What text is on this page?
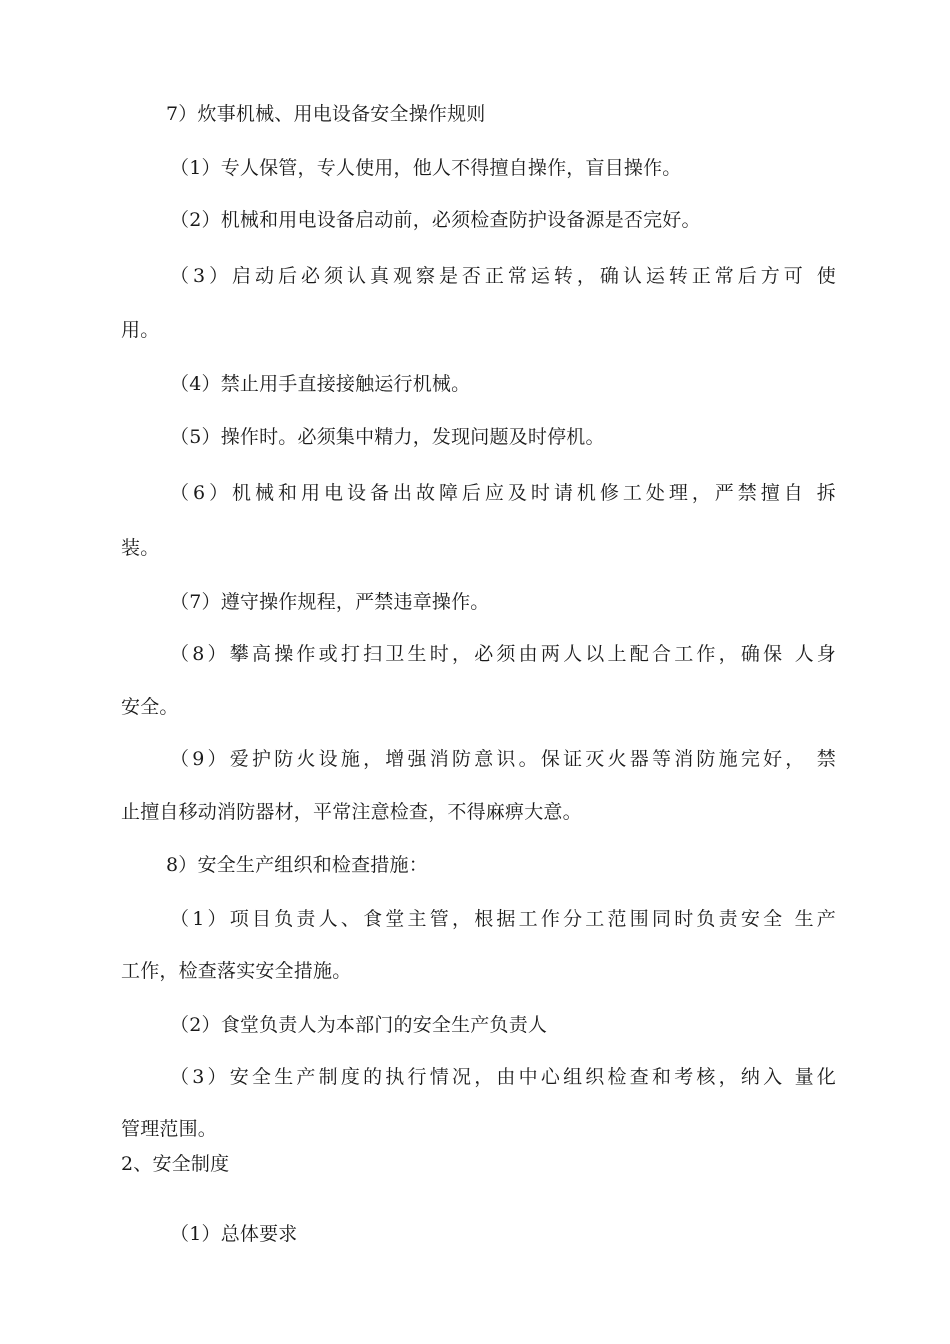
7）炊事机械、用电设备安全操作规则
（1）专人保管，专人使用，他人不得擅自操作，盲目操作。
（2）机械和用电设备启动前，必须检查防护设备源是否完好。
（3）启动后必须认真观察是否正常运转，确认运转正常后方可 使
用。
（4）禁止用手直接接触运行机械。
（5）操作时。必须集中精力，发现问题及时停机。
（6）机械和用电设备出故障后应及时请机修工处理，严禁擅自 拆
装。
（7）遵守操作规程，严禁违章操作。
（8）攀高操作或打扫卫生时，必须由两人以上配合工作，确保 人身
安全。
（9）爱护防火设施，增强消防意识。保证灭火器等消防施完好， 禁
止擅自移动消防器材，平常注意检查，不得麻痹大意。
8）安全生产组织和检查措施：
（1）项目负责人、食堂主管，根据工作分工范围同时负责安全 生产
工作，检查落实安全措施。
（2）食堂负责人为本部门的安全生产负责人
（3）安全生产制度的执行情况，由中心组织检查和考核，纳入 量化
管理范围。
2、安全制度
（1）总体要求
